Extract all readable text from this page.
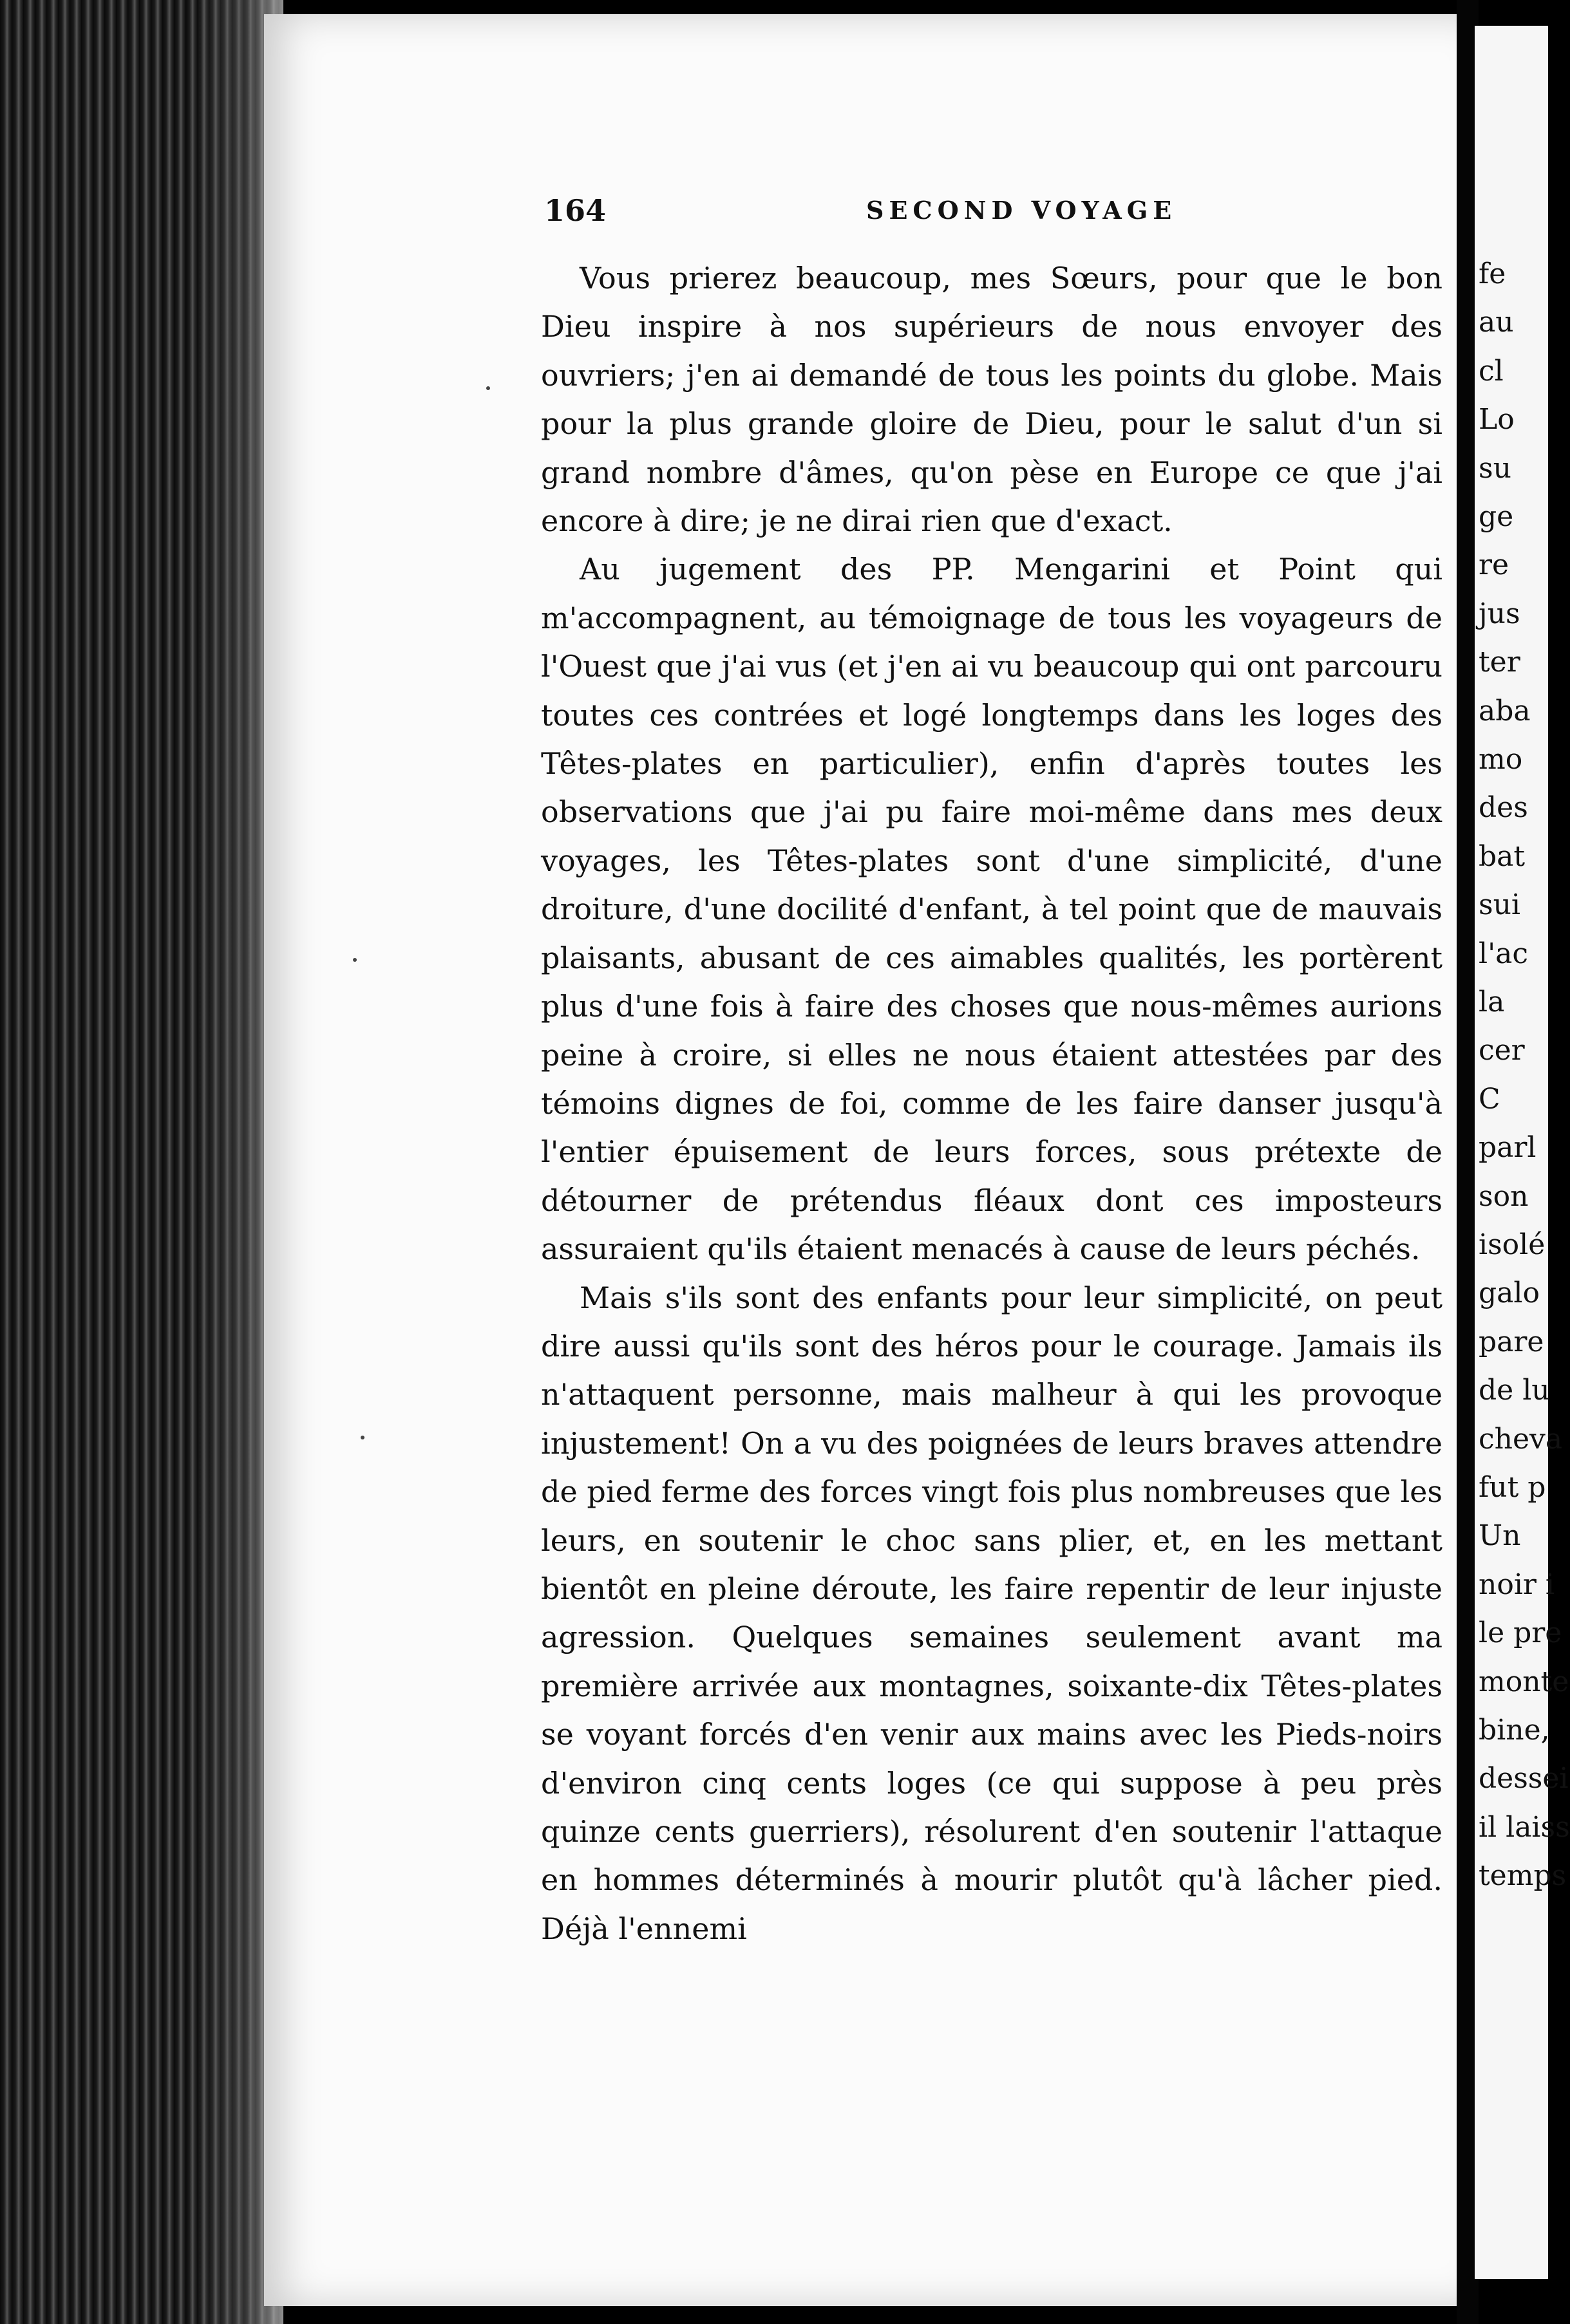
fe
au
cl
Lo
su
ge
re
jus
ter
aba
mo
des
bat
sui
l'ac
la
cer
C
parl
son
isolé
galo
pare
de lu
cheva
fut p
Un
noir i
le pre
monte
bine,
dessei
il laiss
temps
164	SECOND VOYAGE

Vous prierez beaucoup, mes Sœurs, pour que le bon Dieu inspire à nos supérieurs de nous envoyer des ouvriers; j'en ai demandé de tous les points du globe. Mais pour la plus grande gloire de Dieu, pour le salut d'un si grand nombre d'âmes, qu'on pèse en Europe ce que j'ai encore à dire; je ne dirai rien que d'exact.

Au jugement des PP. Mengarini et Point qui m'accompagnent, au témoignage de tous les voyageurs de l'Ouest que j'ai vus (et j'en ai vu beaucoup qui ont parcouru toutes ces contrées et logé longtemps dans les loges des Têtes-plates en particulier), enfin d'après toutes les observations que j'ai pu faire moi-même dans mes deux voyages, les Têtes-plates sont d'une simplicité, d'une droiture, d'une docilité d'enfant, à tel point que de mauvais plaisants, abusant de ces aimables qualités, les portèrent plus d'une fois à faire des choses que nous-mêmes aurions peine à croire, si elles ne nous étaient attestées par des témoins dignes de foi, comme de les faire danser jusqu'à l'entier épuisement de leurs forces, sous prétexte de détourner de prétendus fléaux dont ces imposteurs assuraient qu'ils étaient menacés à cause de leurs péchés.

Mais s'ils sont des enfants pour leur simplicité, on peut dire aussi qu'ils sont des héros pour le courage. Jamais ils n'attaquent personne, mais malheur à qui les provoque injustement! On a vu des poignées de leurs braves attendre de pied ferme des forces vingt fois plus nombreuses que les leurs, en soutenir le choc sans plier, et, en les mettant bientôt en pleine déroute, les faire repentir de leur injuste agression. Quelques semaines seulement avant ma première arrivée aux montagnes, soixante-dix Têtes-plates se voyant forcés d'en venir aux mains avec les Pieds-noirs d'environ cinq cents loges (ce qui suppose à peu près quinze cents guerriers), résolurent d'en soutenir l'attaque en hommes déterminés à mourir plutôt qu'à lâcher pied. Déjà l'ennemi
